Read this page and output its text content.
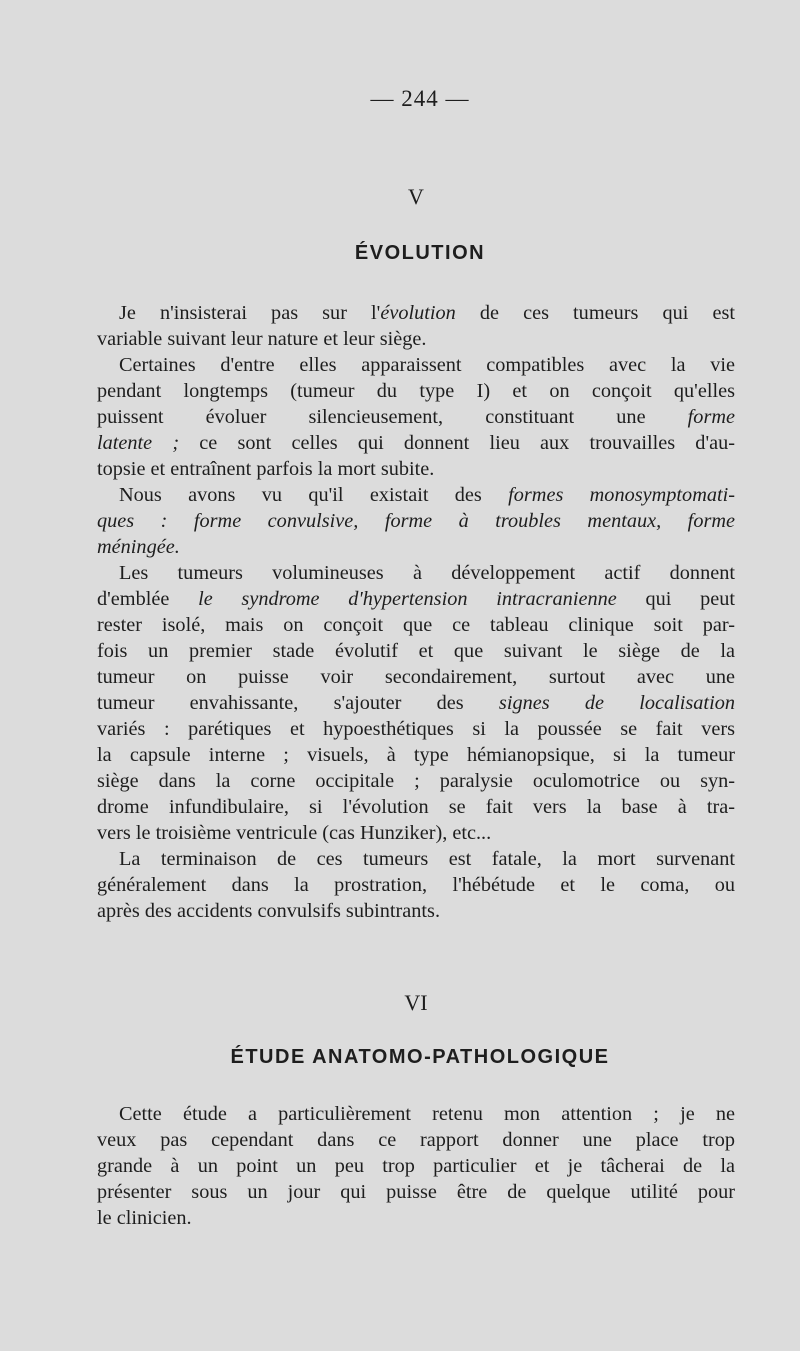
— 244 —
V
ÉVOLUTION
Je n'insisterai pas sur l'évolution de ces tumeurs qui est
variable suivant leur nature et leur siège.
Certaines d'entre elles apparaissent compatibles avec la vie
pendant longtemps (tumeur du type I) et on conçoit qu'elles
puissent évoluer silencieusement, constituant une forme
latente ; ce sont celles qui donnent lieu aux trouvailles d'au-
topsie et entraînent parfois la mort subite.
Nous avons vu qu'il existait des formes monosymptomati-
ques : forme convulsive, forme à troubles mentaux, forme
méningée.
Les tumeurs volumineuses à développement actif donnent
d'emblée le syndrome d'hypertension intracranienne qui peut
rester isolé, mais on conçoit que ce tableau clinique soit par-
fois un premier stade évolutif et que suivant le siège de la
tumeur on puisse voir secondairement, surtout avec une
tumeur envahissante, s'ajouter des signes de localisation
variés : parétiques et hypoesthétiques si la poussée se fait vers
la capsule interne ; visuels, à type hémianopsique, si la tumeur
siège dans la corne occipitale ; paralysie oculomotrice ou syn-
drome infundibulaire, si l'évolution se fait vers la base à tra-
vers le troisième ventricule (cas Hunziker), etc...
La terminaison de ces tumeurs est fatale, la mort survenant
généralement dans la prostration, l'hébétude et le coma, ou
après des accidents convulsifs subintrants.
VI
ÉTUDE ANATOMO-PATHOLOGIQUE
Cette étude a particulièrement retenu mon attention ; je ne
veux pas cependant dans ce rapport donner une place trop
grande à un point un peu trop particulier et je tâcherai de la
présenter sous un jour qui puisse être de quelque utilité pour
le clinicien.
